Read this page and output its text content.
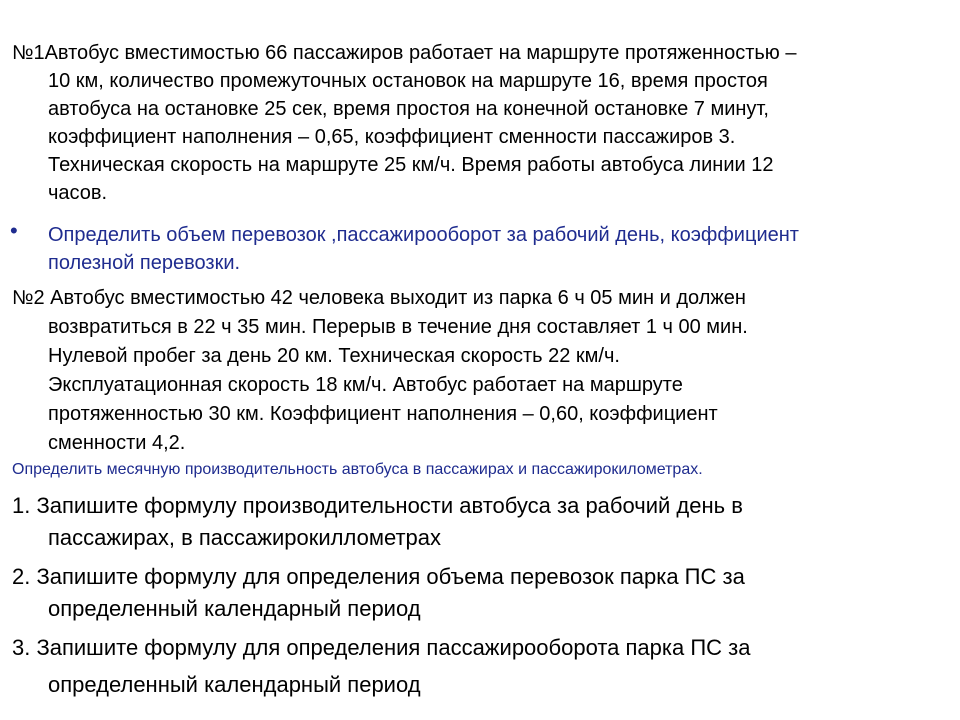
№1Автобус вместимостью 66 пассажиров работает на маршруте протяженностью –
10 км, количество промежуточных остановок на маршруте 16, время простоя
автобуса на остановке 25 сек, время простоя на конечной остановке 7 минут,
коэффициент наполнения – 0,65, коэффициент сменности пассажиров 3.
Техническая скорость на маршруте 25 км/ч. Время работы автобуса линии 12
часов.
•	Определить объем перевозок ,пассажирооборот за рабочий день, коэффициент
полезной перевозки.
№2 Автобус вместимостью 42 человека выходит из парка 6 ч 05 мин и должен
возвратиться в 22 ч 35 мин. Перерыв в течение дня составляет 1 ч 00 мин.
Нулевой пробег за день 20 км. Техническая скорость 22 км/ч.
Эксплуатационная скорость 18 км/ч. Автобус работает на маршруте
протяженностью 30 км. Коэффициент наполнения – 0,60, коэффициент
сменности 4,2.
Определить месячную производительность автобуса в пассажирах и пассажирокилометрах.
1. Запишите формулу производительности автобуса за рабочий день в
пассажирах, в пассажирокиллометрах
2. Запишите формулу для определения объема перевозок парка ПС за
определенный календарный период
3. Запишите формулу для определения пассажирооборота парка ПС за
определенный календарный период
